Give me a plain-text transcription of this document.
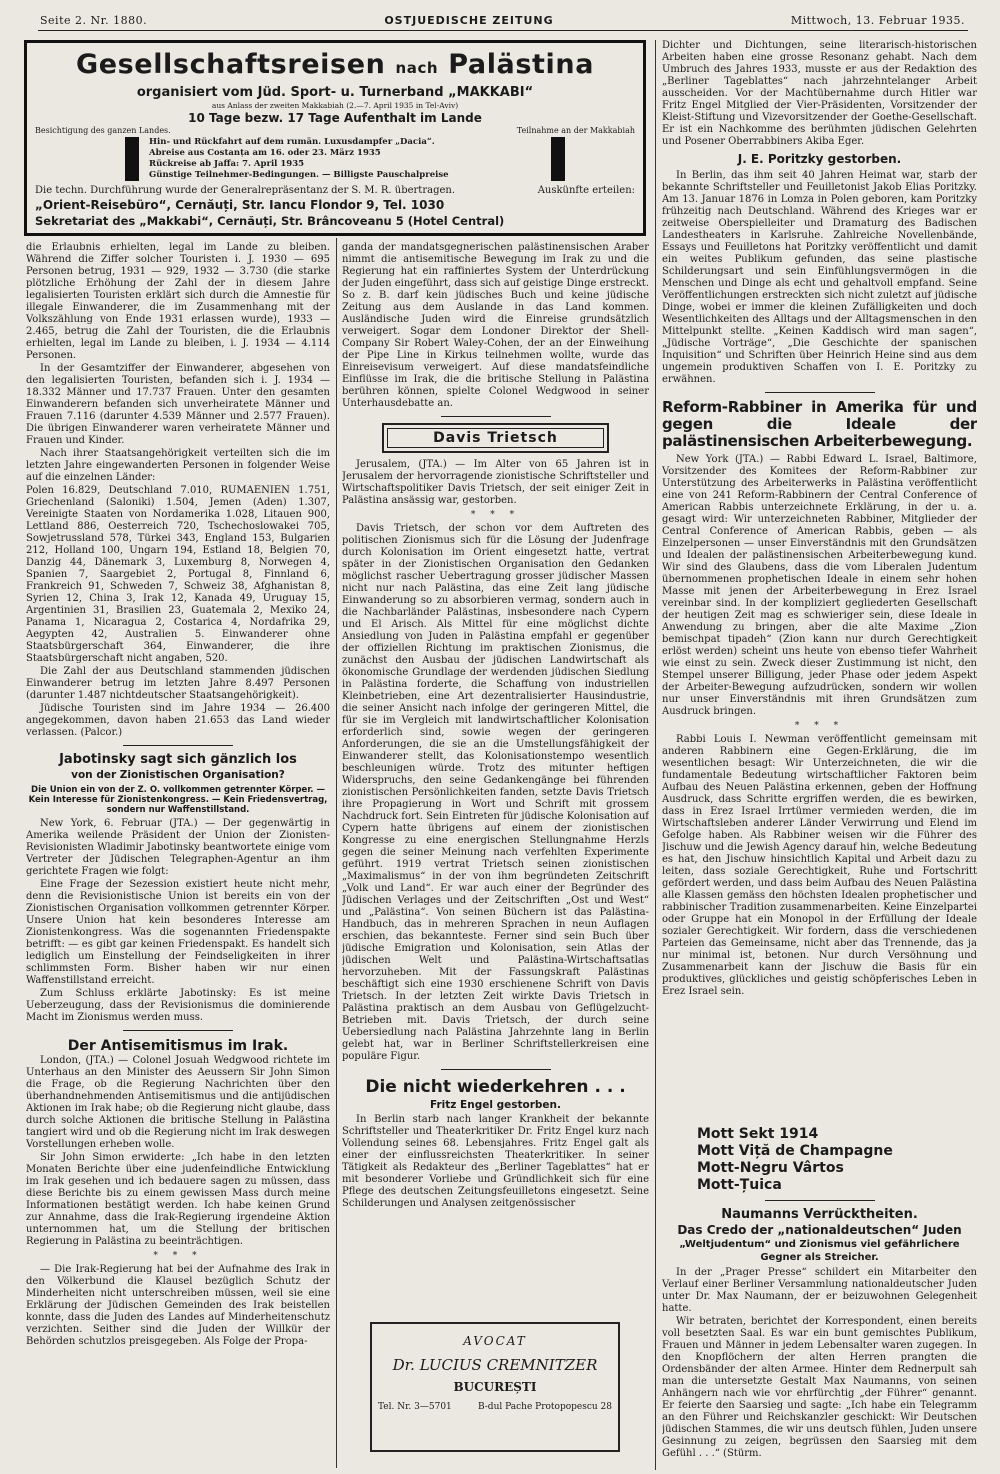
Seite 2. Nr. 1880.	OSTJUEDISCHE ZEITUNG	Mittwoch, 13. Februar 1935.
Gesellschaftsreisen nach Palästina
organisiert vom Jüd. Sport- u. Turnerband „MAKKABI“
aus Anlass der zweiten Makkabiah (2.—7. April 1935 in Tel-Aviv)
10 Tage bezw. 17 Tage Aufenthalt im Lande
Besichtigung des ganzen Landes.	Teilnahme an der Makkabiah
Hin- und Rückfahrt auf dem rumän. Luxusdampfer „Dacia“.
Abreise aus Costanța am 16. oder 23. März 1935
Rückreise ab Jaffa: 7. April 1935
Günstige Teilnehmer-Bedingungen. — Billigste Pauschalpreise
Die techn. Durchführung wurde der Generalrepräsentanz der S. M. R. übertragen.	Auskünfte erteilen:
„Orient-Reisebüro“, Cernăuți, Str. Iancu Flondor 9, Tel. 1030
Sekretariat des „Makkabi“, Cernăuți, Str. Brâncoveanu 5 (Hotel Central)

die Erlaubnis erhielten, legal im Lande zu bleiben. Während die Ziffer solcher Touristen i. J. 1930 — 695 Personen betrug, 1931 — 929, 1932 — 3.730 (die starke plötzliche Erhöhung der Zahl der in diesem Jahre legalisierten Touristen erklärt sich durch die Amnestie für illegale Einwanderer, die im Zusammenhang mit der Volkszählung von Ende 1931 erlassen wurde), 1933 — 2.465, betrug die Zahl der Touristen, die die Erlaubnis erhielten, legal im Lande zu bleiben, i. J. 1934 — 4.114 Personen.

In der Gesamtziffer der Einwanderer, abgesehen von den legalisierten Touristen, befanden sich i. J. 1934 — 18.332 Männer und 17.737 Frauen. Unter den gesamten Einwanderern befanden sich unverheiratete Männer und Frauen 7.116 (darunter 4.539 Männer und 2.577 Frauen). Die übrigen Einwanderer waren verheiratete Männer und Frauen und Kinder.

Nach ihrer Staatsangehörigkeit verteilten sich die im letzten Jahre eingewanderten Personen in folgender Weise auf die einzelnen Länder:

Polen 16.829, Deutschland 7.010, RUMAENIEN 1.751, Griechenland (Saloniki) 1.504, Jemen (Aden) 1.307, Vereinigte Staaten von Nordamerika 1.028, Litauen 900, Lettland 886, Oesterreich 720, Tschechoslowakei 705, Sowjetrussland 578, Türkei 343, England 153, Bulgarien 212, Holland 100, Ungarn 194, Estland 18, Belgien 70, Danzig 44, Dänemark 3, Luxemburg 8, Norwegen 4, Spanien 7, Saargebiet 2, Portugal 8, Finnland 6, Frankreich 91, Schweden 7, Schweiz 38, Afghanistan 8, Syrien 12, China 3, Irak 12, Kanada 49, Uruguay 15, Argentinien 31, Brasilien 23, Guatemala 2, Mexiko 24, Panama 1, Nicaragua 2, Costarica 4, Nordafrika 29, Aegypten 42, Australien 5. Einwanderer ohne Staatsbürgerschaft 364, Einwanderer, die ihre Staatsbürgerschaft nicht angaben, 520.

Die Zahl der aus Deutschland stammenden jüdischen Einwanderer betrug im letzten Jahre 8.497 Personen (darunter 1.487 nichtdeutscher Staatsangehörigkeit).

Jüdische Touristen sind im Jahre 1934 — 26.400 angegekommen, davon haben 21.653 das Land wieder verlassen. (Palcor.)

Jabotinsky sagt sich gänzlich los
von der Zionistischen Organisation?
Die Union ein von der Z. O. vollkommen getrennter Körper. — Kein Interesse für Zionistenkongress. — Kein Friedensvertrag, sondern nur Waffenstillstand.

New York, 6. Februar (JTA.) — Der gegenwärtig in Amerika weilende Präsident der Union der Zionisten-Revisionisten Wladimir Jabotinsky beantwortete einige vom Vertreter der Jüdischen Telegraphen-Agentur an ihm gerichtete Fragen wie folgt:

Eine Frage der Sezession existiert heute nicht mehr, denn die Revisionistische Union ist bereits ein von der Zionistischen Organisation vollkommen getrennter Körper. Unsere Union hat kein besonderes Interesse am Zionistenkongress. Was die sogenannten Friedenspakte betrifft: — es gibt gar keinen Friedenspakt. Es handelt sich lediglich um Einstellung der Feindseligkeiten in ihrer schlimmsten Form. Bisher haben wir nur einen Waffenstillstand erreicht.

Zum Schluss erklärte Jabotinsky: Es ist meine Ueberzeugung, dass der Revisionismus die dominierende Macht im Zionismus werden muss.

Der Antisemitismus im Irak.

London, (JTA.) — Colonel Josuah Wedgwood richtete im Unterhaus an den Minister des Aeussern Sir John Simon die Frage, ob die Regierung Nachrichten über den überhandnehmenden Antisemitismus und die antijüdischen Aktionen im Irak habe; ob die Regierung nicht glaube, dass durch solche Aktionen die britische Stellung in Palästina tangiert wird und ob die Regierung nicht im Irak deswegen Vorstellungen erheben wolle.

Sir John Simon erwiderte: „Ich habe in den letzten Monaten Berichte über eine judenfeindliche Entwicklung im Irak gesehen und ich bedauere sagen zu müssen, dass diese Berichte bis zu einem gewissen Mass durch meine Informationen bestätigt werden. Ich habe keinen Grund zur Annahme, dass die Irak-Regierung irgendeine Aktion unternommen hat, um die Stellung der britischen Regierung in Palästina zu beeinträchtigen.

* * *

— Die Irak-Regierung hat bei der Aufnahme des Irak in den Völkerbund die Klausel bezüglich Schutz der Minderheiten nicht unterschreiben müssen, weil sie eine Erklärung der Jüdischen Gemeinden des Irak beistellen konnte, dass die Juden des Landes auf Minderheitenschutz verzichten. Seither sind die Juden der Willkür der Behörden schutzlos preisgegeben. Als Folge der Propa-

ganda der mandatsgegnerischen palästinensischen Araber nimmt die antisemitische Bewegung im Irak zu und die Regierung hat ein raffiniertes System der Unterdrückung der Juden eingeführt, dass sich auf geistige Dinge erstreckt. So z. B. darf kein jüdisches Buch und keine jüdische Zeitung aus dem Auslande in das Land kommen. Ausländische Juden wird die Einreise grundsätzlich verweigert. Sogar dem Londoner Direktor der Shell-Company Sir Robert Waley-Cohen, der an der Einweihung der Pipe Line in Kirkus teilnehmen wollte, wurde das Einreisevisum verweigert. Auf diese mandatsfeindliche Einflüsse im Irak, die die britische Stellung in Palästina berühren können, spielte Colonel Wedgwood in seiner Unterhausdebatte an.

Davis Trietsch

Jerusalem, (JTA.) — Im Alter von 65 Jahren ist in Jerusalem der hervorragende zionistische Schriftsteller und Wirtschaftspolitiker Davis Trietsch, der seit einiger Zeit in Palästina ansässig war, gestorben.

* * *

Davis Trietsch, der schon vor dem Auftreten des politischen Zionismus sich für die Lösung der Judenfrage durch Kolonisation im Orient eingesetzt hatte, vertrat später in der Zionistischen Organisation den Gedanken möglichst rascher Uebertragung grosser jüdischer Massen nicht nur nach Palästina, das eine Zeit lang jüdische Einwanderung so zu absorbieren vermag, sondern auch in die Nachbarländer Palästinas, insbesondere nach Cypern und El Arisch. Als Mittel für eine möglichst dichte Ansiedlung von Juden in Palästina empfahl er gegenüber der offiziellen Richtung im praktischen Zionismus, die zunächst den Ausbau der jüdischen Landwirtschaft als ökonomische Grundlage der werdenden jüdischen Siedlung in Palästina forderte, die Schaffung von industriellen Kleinbetrieben, eine Art dezentralisierter Hausindustrie, die seiner Ansicht nach infolge der geringeren Mittel, die für sie im Vergleich mit landwirtschaftlicher Kolonisation erforderlich sind, sowie wegen der geringeren Anforderungen, die sie an die Umstellungsfähigkeit der Einwanderer stellt, das Kolonisationstempo wesentlich beschleunigen würde. Trotz des mitunter heftigen Widerspruchs, den seine Gedankengänge bei führenden zionistischen Persönlichkeiten fanden, setzte Davis Trietsch ihre Propagierung in Wort und Schrift mit grossem Nachdruck fort. Sein Eintreten für jüdische Kolonisation auf Cypern hatte übrigens auf einem der zionistischen Kongresse zu eine energischen Stellungnahme Herzls gegen die seiner Meinung nach verfehlten Experimente geführt. 1919 vertrat Trietsch seinen zionistischen „Maximalismus“ in der von ihm begründeten Zeitschrift „Volk und Land“. Er war auch einer der Begründer des Jüdischen Verlages und der Zeitschriften „Ost und West“ und „Palästina“. Von seinen Büchern ist das Palästina-Handbuch, das in mehreren Sprachen in neun Auflagen erschien, das bekannteste. Ferner sind sein Buch über jüdische Emigration und Kolonisation, sein Atlas der jüdischen Welt und Palästina-Wirtschaftsatlas hervorzuheben. Mit der Fassungskraft Palästinas beschäftigt sich eine 1930 erschienene Schrift von Davis Trietsch. In der letzten Zeit wirkte Davis Trietsch in Palästina praktisch an dem Ausbau von Geflügelzucht-Betrieben mit. Davis Trietsch, der durch seine Uebersiedlung nach Palästina Jahrzehnte lang in Berlin gelebt hat, war in Berliner Schriftstellerkreisen eine populäre Figur.

Die nicht wiederkehren . . .
Fritz Engel gestorben.

In Berlin starb nach langer Krankheit der bekannte Schriftsteller und Theaterkritiker Dr. Fritz Engel kurz nach Vollendung seines 68. Lebensjahres. Fritz Engel galt als einer der einflussreichsten Theaterkritiker. In seiner Tätigkeit als Redakteur des „Berliner Tageblattes“ hat er mit besonderer Vorliebe und Gründlichkeit sich für eine Pflege des deutschen Zeitungsfeuilletons eingesetzt. Seine Schilderungen und Analysen zeitgenössischer

AVOCAT
Dr. LUCIUS CREMNITZER
BUCUREȘTI
Tel. Nr. 3—5701	B-dul Pache Protopopescu 28

Dichter und Dichtungen, seine literarisch-historischen Arbeiten haben eine grosse Resonanz gehabt. Nach dem Umbruch des Jahres 1933, musste er aus der Redaktion des „Berliner Tageblattes“ nach jahrzehntelanger Arbeit ausscheiden. Vor der Machtübernahme durch Hitler war Fritz Engel Mitglied der Vier-Präsidenten, Vorsitzender der Kleist-Stiftung und Vizevorsitzender der Goethe-Gesellschaft. Er ist ein Nachkomme des berühmten jüdischen Gelehrten und Posener Oberrabbiners Akiba Eger.

J. E. Poritzky gestorben.

In Berlin, das ihm seit 40 Jahren Heimat war, starb der bekannte Schriftsteller und Feuilletonist Jakob Elias Poritzky. Am 13. Januar 1876 in Lomza in Polen geboren, kam Poritzky frühzeitig nach Deutschland. Während des Krieges war er zeitweise Oberspielleiter und Dramaturg des Badischen Landestheaters in Karlsruhe. Zahlreiche Novellenbände, Essays und Feuilletons hat Poritzky veröffentlicht und damit ein weites Publikum gefunden, das seine plastische Schilderungsart und sein Einfühlungsvermögen in die Menschen und Dinge als echt und gehaltvoll empfand. Seine Veröffentlichungen erstreckten sich nicht zuletzt auf jüdische Dinge, wobei er immer die kleinen Zufälligkeiten und doch Wesentlichkeiten des Alltags und der Alltagsmenschen in den Mittelpunkt stellte. „Keinen Kaddisch wird man sagen“, „Jüdische Vorträge“, „Die Geschichte der spanischen Inquisition“ und Schriften über Heinrich Heine sind aus dem ungemein produktiven Schaffen von I. E. Poritzky zu erwähnen.

Reform-Rabbiner in Amerika für und gegen die Ideale der palästinensischen Arbeiterbewegung.

New York (JTA.) — Rabbi Edward L. Israel, Baltimore, Vorsitzender des Komitees der Reform-Rabbiner zur Unterstützung des Arbeiterwerks in Palästina veröffentlicht eine von 241 Reform-Rabbinern der Central Conference of American Rabbis unterzeichnete Erklärung, in der u. a. gesagt wird: Wir unterzeichneten Rabbiner, Mitglieder der Central Conference of American Rabbis, geben — als Einzelpersonen — unser Einverständnis mit den Grundsätzen und Idealen der palästinensischen Arbeiterbewegung kund. Wir sind des Glaubens, dass die vom Liberalen Judentum übernommenen prophetischen Ideale in einem sehr hohen Masse mit jenen der Arbeiterbewegung in Erez Israel vereinbar sind. In der kompliziert gegliederten Gesellschaft der heutigen Zeit mag es schwieriger sein, diese Ideale in Anwendung zu bringen, aber die alte Maxime „Zion bemischpat tipadeh“ (Zion kann nur durch Gerechtigkeit erlöst werden) scheint uns heute von ebenso tiefer Wahrheit wie einst zu sein. Zweck dieser Zustimmung ist nicht, den Stempel unserer Billigung, jeder Phase oder jedem Aspekt der Arbeiter-Bewegung aufzudrücken, sondern wir wollen nur unser Einverständnis mit ihren Grundsätzen zum Ausdruck bringen.

* * *

Rabbi Louis I. Newman veröffentlicht gemeinsam mit anderen Rabbinern eine Gegen-Erklärung, die im wesentlichen besagt: Wir Unterzeichneten, die wir die fundamentale Bedeutung wirtschaftlicher Faktoren beim Aufbau des Neuen Palästina erkennen, geben der Hoffnung Ausdruck, dass Schritte ergriffen werden, die es bewirken, dass in Erez Israel Irrtümer vermieden werden, die im Wirtschaftsleben anderer Länder Verwirrung und Elend im Gefolge haben. Als Rabbiner weisen wir die Führer des Jischuw und die Jewish Agency darauf hin, welche Bedeutung es hat, den Jischuw hinsichtlich Kapital und Arbeit dazu zu leiten, dass soziale Gerechtigkeit, Ruhe und Fortschritt gefördert werden, und dass beim Aufbau des Neuen Palästina alle Klassen gemäss den höchsten Idealen prophetischer und rabbinischer Tradition zusammenarbeiten. Keine Einzelpartei oder Gruppe hat ein Monopol in der Erfüllung der Ideale sozialer Gerechtigkeit. Wir fordern, dass die verschiedenen Parteien das Gemeinsame, nicht aber das Trennende, das ja nur minimal ist, betonen. Nur durch Versöhnung und Zusammenarbeit kann der Jischuw die Basis für ein produktives, glückliches und geistig schöpferisches Leben in Erez Israel sein.

Mott Sekt 1914
Mott Viță de Champagne
Mott-Negru Vârtos
Mott-Țuica
Naumanns Verrücktheiten.
Das Credo der „nationaldeutschen“ Juden
„Weltjudentum“ und Zionismus viel gefährlichere Gegner als Streicher.

In der „Prager Presse“ schildert ein Mitarbeiter den Verlauf einer Berliner Versammlung nationaldeutscher Juden unter Dr. Max Naumann, der er beizuwohnen Gelegenheit hatte.

Wir betraten, berichtet der Korrespondent, einen bereits voll besetzten Saal. Es war ein bunt gemischtes Publikum, Frauen und Männer in jedem Lebensalter waren zugegen. In den Knopflöchern der alten Herren prangten die Ordensbänder der alten Armee. Hinter dem Rednerpult sah man die untersetzte Gestalt Max Naumanns, von seinen Anhängern nach wie vor ehrfürchtig „der Führer“ genannt. Er feierte den Saarsieg und sagte: „Ich habe ein Telegramm an den Führer und Reichskanzler geschickt: Wir Deutschen jüdischen Stammes, die wir uns deutsch fühlen, Juden unsere Gesinnung zu zeigen, begrüssen den Saarsieg mit dem Gefühl . . .“ (Stürm.
